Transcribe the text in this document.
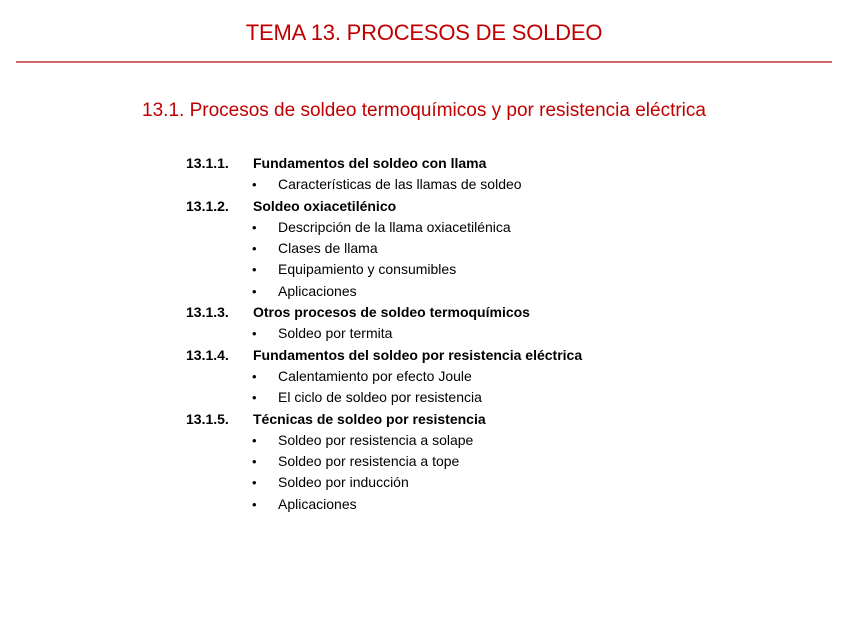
TEMA 13. PROCESOS DE SOLDEO
13.1. Procesos de soldeo termoquímicos y por resistencia eléctrica
13.1.1.	Fundamentos del soldeo con llama
•	Características de las llamas de soldeo
13.1.2.	Soldeo oxiacetilénico
•	Descripción de la llama oxiacetilénica
•	Clases de llama
•	Equipamiento y consumibles
•	Aplicaciones
13.1.3.	Otros procesos de soldeo termoquímicos
•	Soldeo por termita
13.1.4.	Fundamentos del soldeo por resistencia eléctrica
•	Calentamiento por efecto Joule
•	El ciclo de soldeo por resistencia
13.1.5.	Técnicas de soldeo por resistencia
•	Soldeo por resistencia a solape
•	Soldeo por resistencia a tope
•	Soldeo por inducción
•	Aplicaciones
